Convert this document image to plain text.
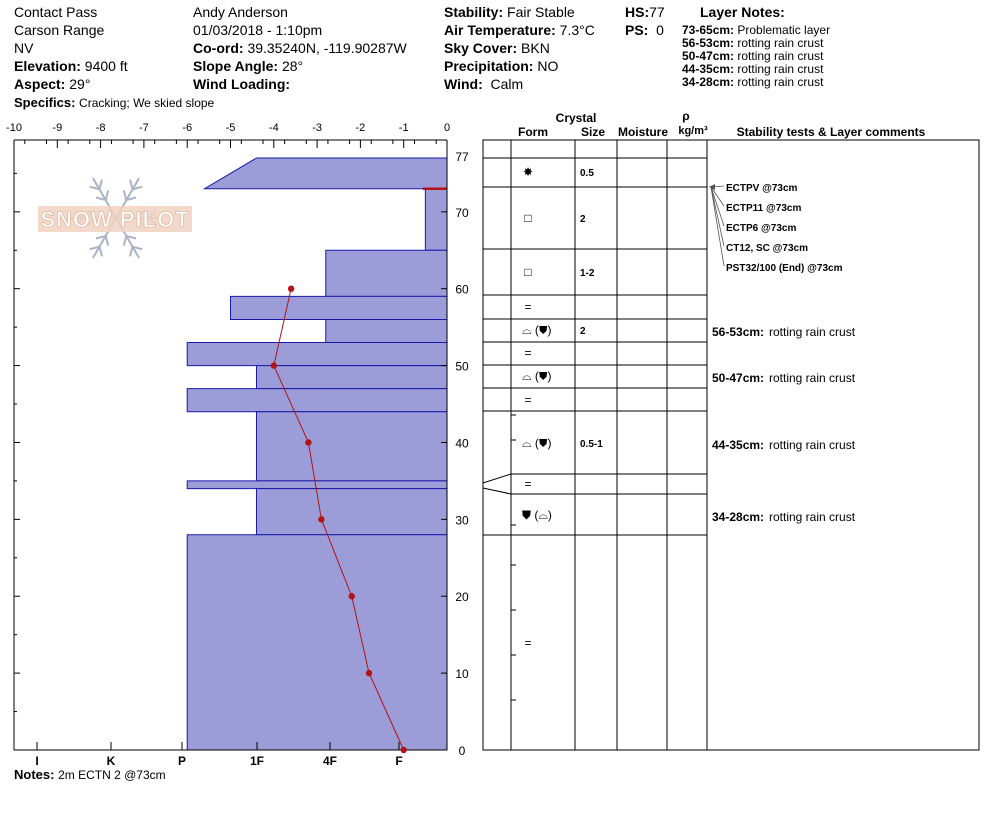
Contact Pass
Carson Range
NV
Elevation: 9400 ft
Aspect: 29°
Specifics: Cracking; We skied slope
Andy Anderson
01/03/2018 - 1:10pm
Co-ord: 39.35240N, -119.90287W
Slope Angle: 28°
Wind Loading:
Stability: Fair Stable
Air Temperature: 7.3°C
Sky Cover: BKN
Precipitation: NO
Wind: Calm
HS:77
PS: 0
Layer Notes:
73-65cm: Problematic layer
56-53cm: rotting rain crust
50-47cm: rotting rain crust
44-35cm: rotting rain crust
34-28cm: rotting rain crust
SNOW PILOT
-10	-9	-8	-7	-6	-5	-4	-3	-2	-1	0
I	K	P	1F	4F	F
0
10
20
30
40
50
60
70
77
Crystal
Form	Size Moisture
ρ
kg/m³ Stability tests & Layer comments
✸	0.5
□	2
□	1-2
=
⌓ (⛊)	2	56-53cm: rotting rain crust
=
⌓ (⛊)	50-47cm: rotting rain crust
=
⌓ (⛊)	0.5-1	44-35cm: rotting rain crust
=
⛊ (⌓)	34-28cm: rotting rain crust
=
ECTPV @73cm
ECTP11 @73cm
ECTP6 @73cm
CT12, SC @73cm
PST32/100 (End) @73cm
Notes: 2m ECTN 2 @73cm
